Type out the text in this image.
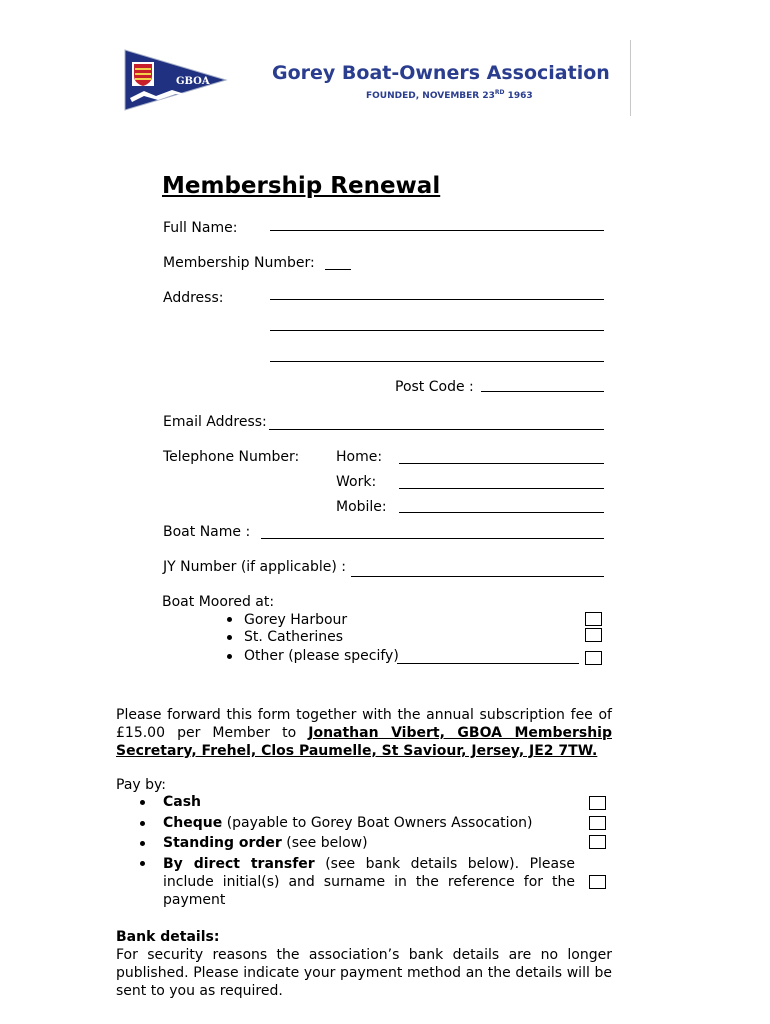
GBOA	Gorey Boat-Owners Association
FOUNDED, NOVEMBER 23RD 1963
Membership Renewal
Full Name:
Membership Number:
Address:
Post Code :
Email Address:
Telephone Number:	Home:
Work:
Mobile:
Boat Name :
JY Number (if applicable) :
Boat Moored at:
Gorey Harbour
St. Catherines
Other (please specify)
Please forward this form together with the annual subscription fee of £15.00 per Member to Jonathan Vibert, GBOA Membership Secretary, Frehel, Clos Paumelle, St Saviour, Jersey, JE2 7TW.
Pay by:
Cash
Cheque (payable to Gorey Boat Owners Assocation)
Standing order (see below)
By direct transfer (see bank details below). Please include initial(s) and surname in the reference for the payment
Bank details:
For security reasons the association’s bank details are no longer published. Please indicate your payment method an the details will be sent to you as required.
